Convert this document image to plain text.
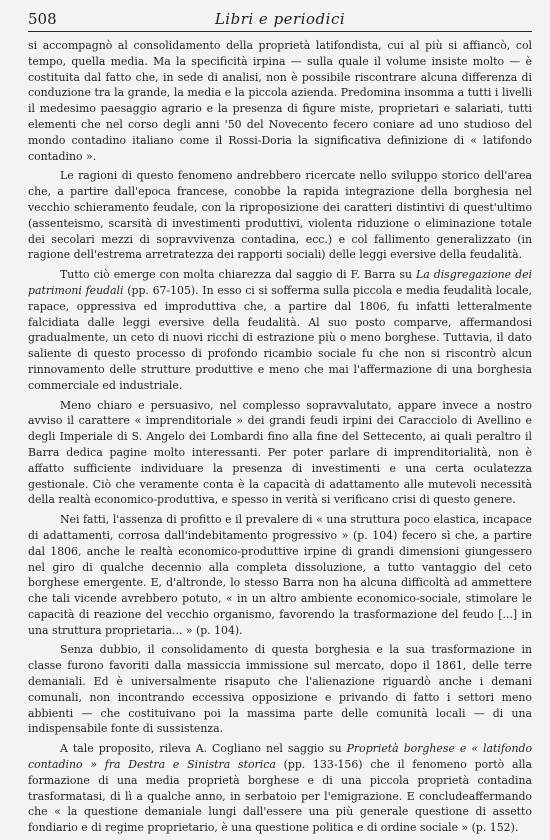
508	Libri e periodici

si accompagnò al consolidamento della proprietà latifondista, cui al più si affiancò, col tempo, quella media. Ma la specificità irpina — sulla quale il volume insiste molto — è costituita dal fatto che, in sede di analisi, non è possibile riscontrare alcuna differenza di conduzione tra la grande, la media e la piccola azienda. Predomina insomma a tutti i livelli il medesimo paesaggio agrario e la presenza di figure miste, proprietari e salariati, tutti elementi che nel corso degli anni '50 del Novecento fecero coniare ad uno studioso del mondo contadino italiano come il Rossi-Doria la significativa definizione di « latifondo contadino ».

Le ragioni di questo fenomeno andrebbero ricercate nello sviluppo storico dell'area che, a partire dall'epoca francese, conobbe la rapida integrazione della borghesia nel vecchio schieramento feudale, con la riproposizione dei caratteri distintivi di quest'ultimo (assenteismo, scarsità di investimenti produttivi, violenta riduzione o eliminazione totale dei secolari mezzi di sopravvivenza contadina, ecc.) e col fallimento generalizzato (in ragione dell'estrema arretratezza dei rapporti sociali) delle leggi eversive della feudalità.

Tutto ciò emerge con molta chiarezza dal saggio di F. Barra su La disgregazione dei patrimoni feudali (pp. 67-105). In esso ci si sofferma sulla piccola e media feudalità locale, rapace, oppressiva ed improduttiva che, a partire dal 1806, fu infatti letteralmente falcidiata dalle leggi eversive della feudalità. Al suo posto comparve, affermandosi gradualmente, un ceto di nuovi ricchi di estrazione più o meno borghese. Tuttavia, il dato saliente di questo processo di profondo ricambio sociale fu che non si riscontrò alcun rinnovamento delle strutture produttive e meno che mai l'affermazione di una borghesia commerciale ed industriale.

Meno chiaro e persuasivo, nel complesso sopravvalutato, appare invece a nostro avviso il carattere « imprenditoriale » dei grandi feudi irpini dei Caracciolo di Avellino e degli Imperiale di S. Angelo dei Lombardi fino alla fine del Settecento, ai quali peraltro il Barra dedica pagine molto interessanti. Per poter parlare di imprenditorialità, non è affatto sufficiente individuare la presenza di investimenti e una certa oculatezza gestionale. Ciò che veramente conta è la capacità di adattamento alle mutevoli necessità della realtà economico-produttiva, e spesso in verità si verificano crisi di questo genere.

Nei fatti, l'assenza di profitto e il prevalere di « una struttura poco elastica, incapace di adattamenti, corrosa dall'indebitamento progressivo » (p. 104) fecero sì che, a partire dal 1806, anche le realtà economico-produttive irpine di grandi dimensioni giungessero nel giro di qualche decennio alla completa dissoluzione, a tutto vantaggio del ceto borghese emergente. E, d'altronde, lo stesso Barra non ha alcuna difficoltà ad ammettere che tali vicende avrebbero potuto, « in un altro ambiente economico-sociale, stimolare le capacità di reazione del vecchio organismo, favorendo la trasformazione del feudo [...] in una struttura proprietaria... » (p. 104).

Senza dubbio, il consolidamento di questa borghesia e la sua trasformazione in classe furono favoriti dalla massiccia immissione sul mercato, dopo il 1861, delle terre demaniali. Ed è universalmente risaputo che l'alienazione riguardò anche i demani comunali, non incontrando eccessiva opposizione e privando di fatto i settori meno abbienti — che costituivano poi la massima parte delle comunità locali — di una indispensabile fonte di sussistenza.

A tale proposito, rileva A. Cogliano nel saggio su Proprietà borghese e « latifondo contadino » fra Destra e Sinistra storica (pp. 133-156) che il fenomeno portò alla formazione di una media proprietà borghese e di una piccola proprietà contadina trasformatasi, di lì a qualche anno, in serbatoio per l'emigrazione. E concludeaffermando che « la questione demaniale lungi dall'essere una più generale questione di assetto fondiario e di regime proprietario, è una questione politica e di ordine sociale » (p. 152).
